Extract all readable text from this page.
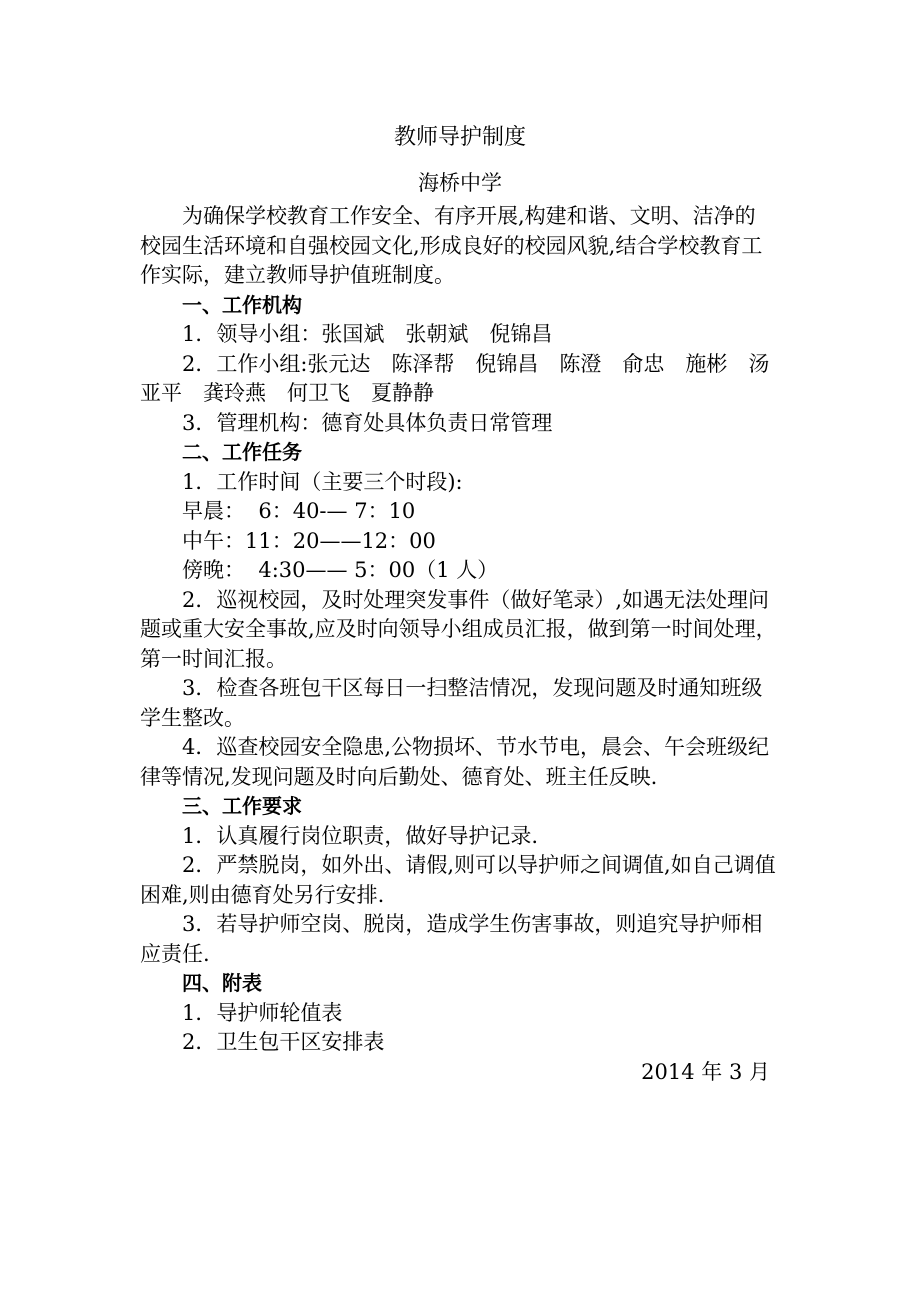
教师导护制度
海桥中学
为确保学校教育工作安全、有序开展,构建和谐、文明、洁净的
校园生活环境和自强校园文化,形成良好的校园风貌,结合学校教育工
作实际，建立教师导护值班制度。
一、工作机构
1．领导小组：张国斌　张朝斌　倪锦昌
2．工作小组:张元达　陈泽帮　倪锦昌　陈澄　俞忠　施彬　汤
亚平　龚玲燕　何卫飞　夏静静
3．管理机构：德育处具体负责日常管理
二、工作任务
1．工作时间（主要三个时段):
早晨：  6：40-— 7：10
中午：11：20——12：00
傍晚：  4:30—— 5：00（1 人）
2．巡视校园，及时处理突发事件（做好笔录）,如遇无法处理问
题或重大安全事故,应及时向领导小组成员汇报，做到第一时间处理，
第一时间汇报。
3．检查各班包干区每日一扫整洁情况，发现问题及时通知班级
学生整改。
4．巡查校园安全隐患,公物损坏、节水节电，晨会、午会班级纪
律等情况,发现问题及时向后勤处、德育处、班主任反映.
三、工作要求
1．认真履行岗位职责，做好导护记录.
2．严禁脱岗，如外出、请假,则可以导护师之间调值,如自己调值
困难,则由德育处另行安排.
3．若导护师空岗、脱岗，造成学生伤害事故，则追究导护师相
应责任.
四、附表
1．导护师轮值表
2．卫生包干区安排表
2014 年 3 月
